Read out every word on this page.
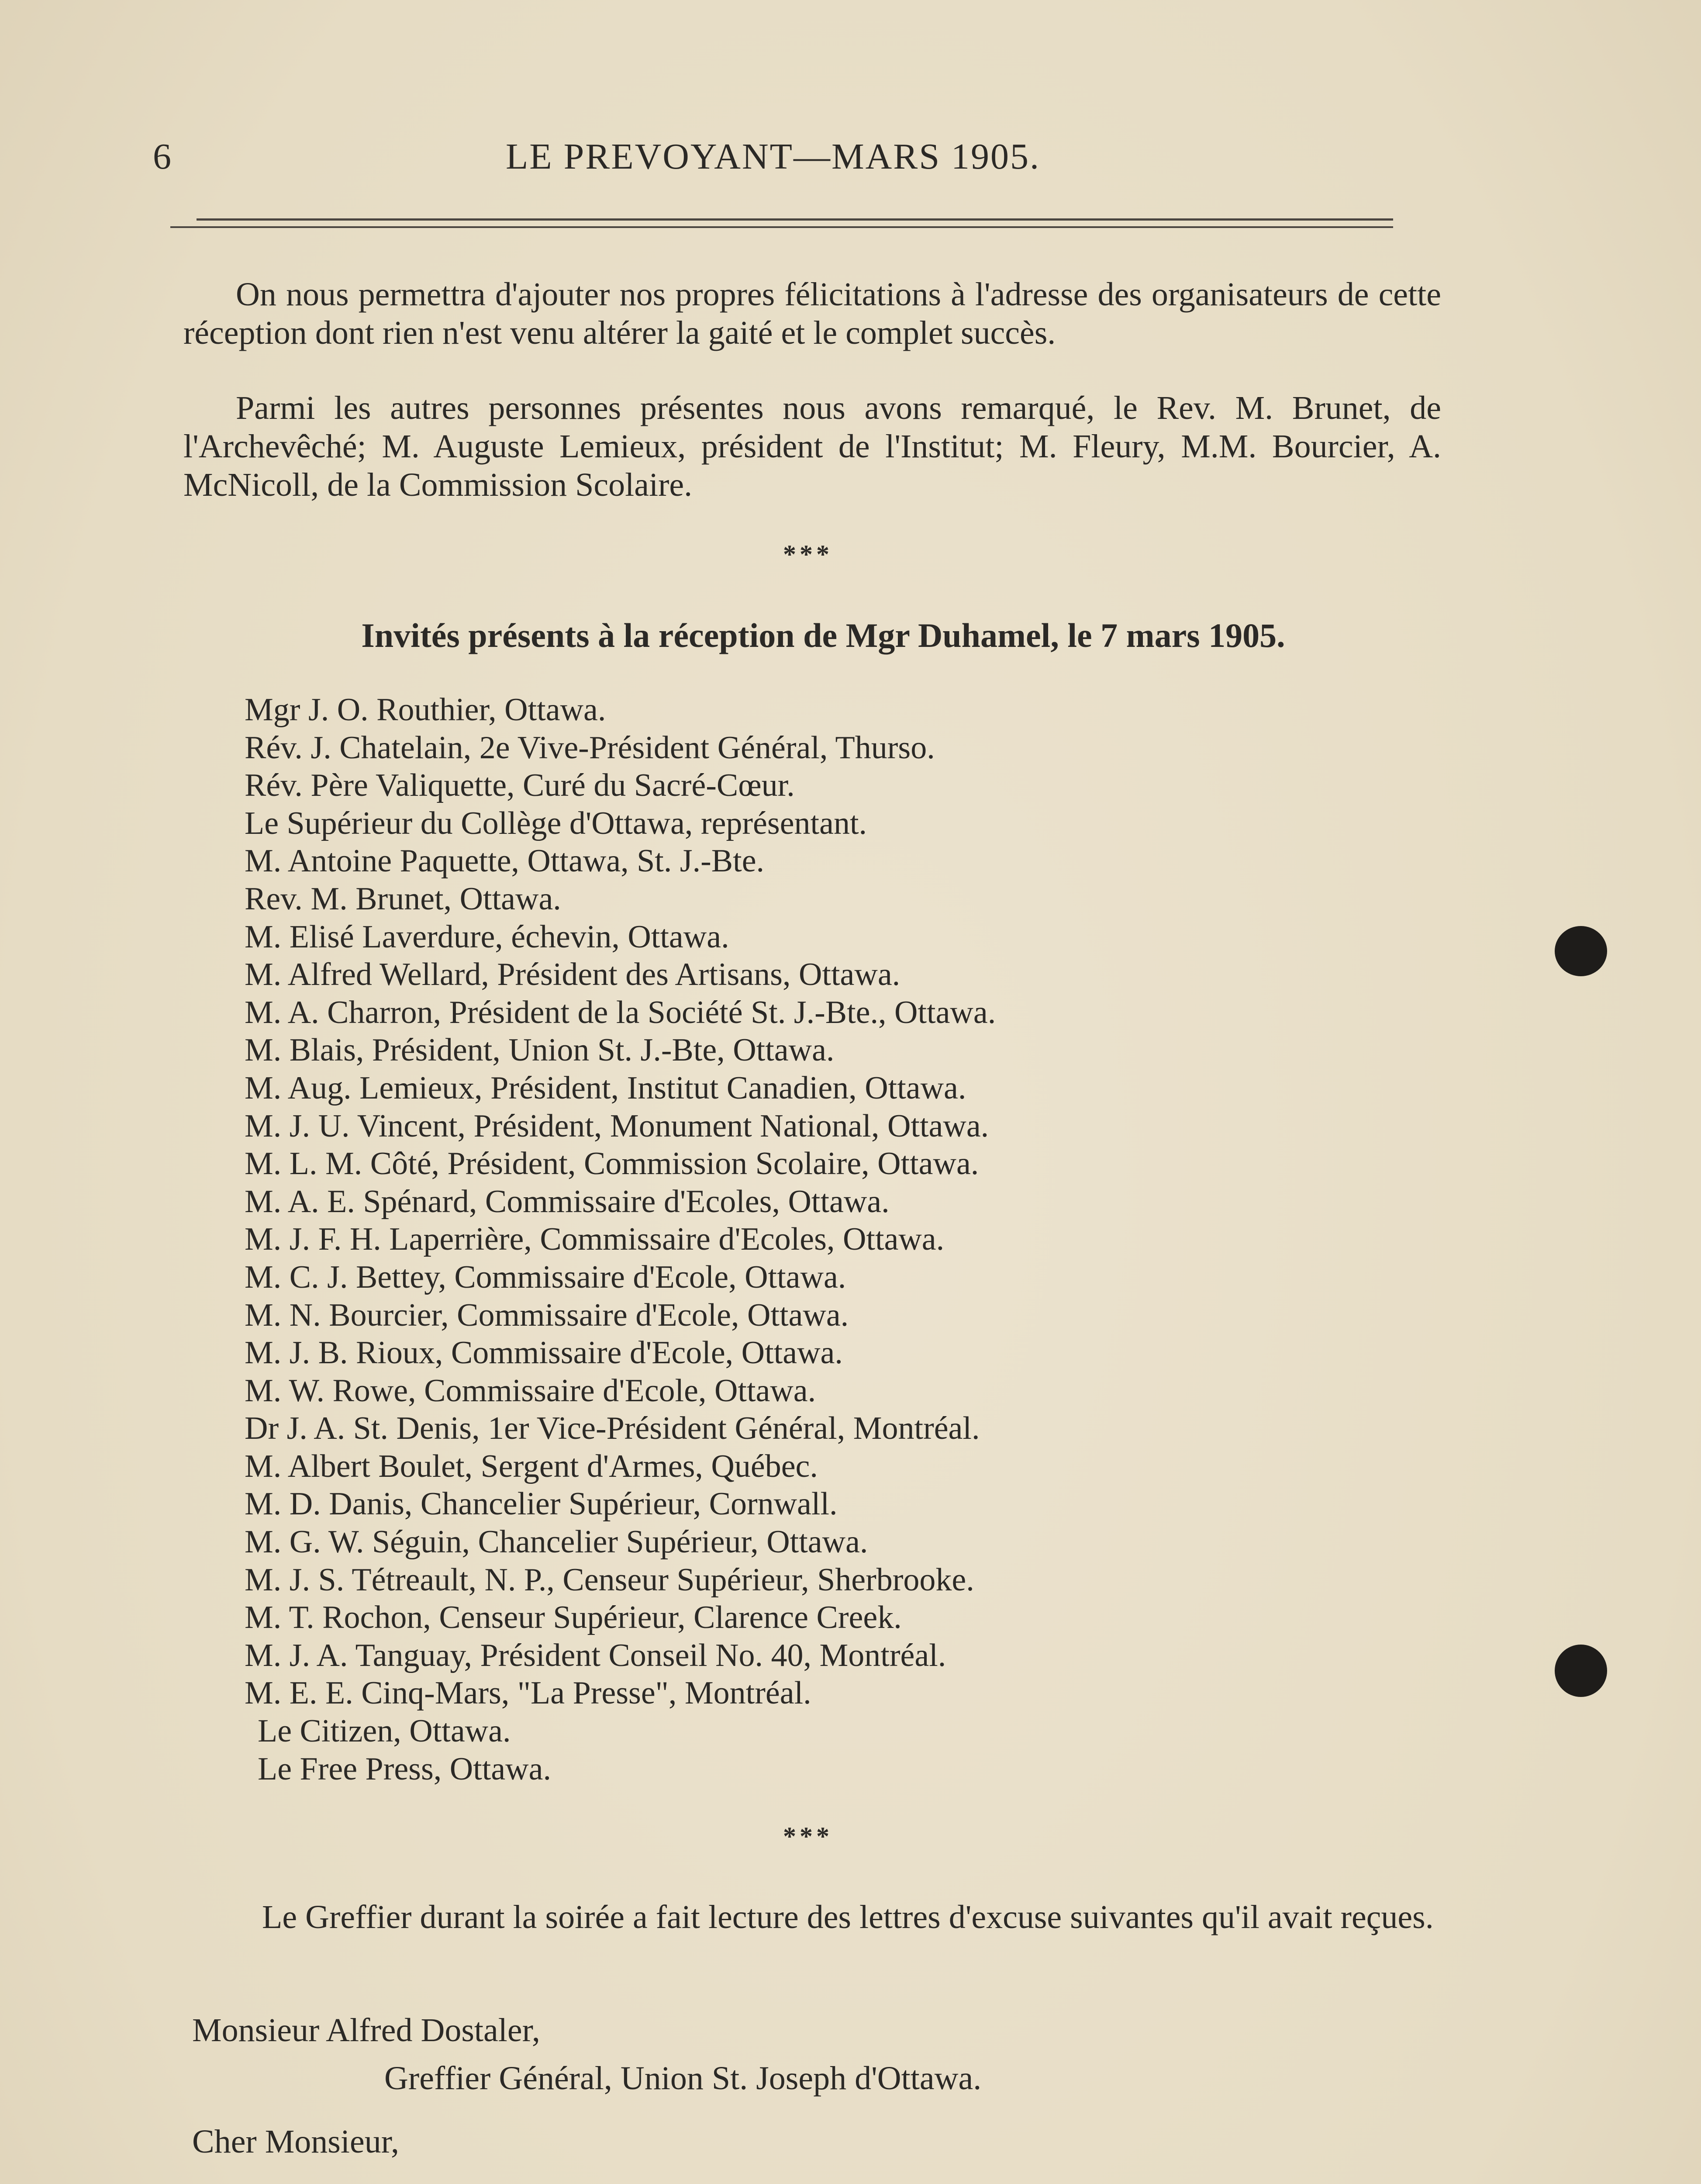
6	LE PREVOYANT—MARS 1905.

On nous permettra d'ajouter nos propres félicitations à l'adresse des organisateurs de cette réception dont rien n'est venu altérer la gaité et le complet succès.

Parmi les autres personnes présentes nous avons remarqué, le Rev. M. Brunet, de l'Archevêché; M. Auguste Lemieux, président de l'Institut; M. Fleury, M.M. Bourcier, A. McNicoll, de la Commission Scolaire.

***
Invités présents à la réception de Mgr Duhamel, le 7 mars 1905.
Mgr J. O. Routhier, Ottawa.
Rév. J. Chatelain, 2e Vive-Président Général, Thurso.
Rév. Père Valiquette, Curé du Sacré-Cœur.
Le Supérieur du Collège d'Ottawa, représentant.
M. Antoine Paquette, Ottawa, St. J.-Bte.
Rev. M. Brunet, Ottawa.
M. Elisé Laverdure, échevin, Ottawa.
M. Alfred Wellard, Président des Artisans, Ottawa.
M. A. Charron, Président de la Société St. J.-Bte., Ottawa.
M. Blais, Président, Union St. J.-Bte, Ottawa.
M. Aug. Lemieux, Président, Institut Canadien, Ottawa.
M. J. U. Vincent, Président, Monument National, Ottawa.
M. L. M. Côté, Président, Commission Scolaire, Ottawa.
M. A. E. Spénard, Commissaire d'Ecoles, Ottawa.
M. J. F. H. Laperrière, Commissaire d'Ecoles, Ottawa.
M. C. J. Bettey, Commissaire d'Ecole, Ottawa.
M. N. Bourcier, Commissaire d'Ecole, Ottawa.
M. J. B. Rioux, Commissaire d'Ecole, Ottawa.
M. W. Rowe, Commissaire d'Ecole, Ottawa.
Dr J. A. St. Denis, 1er Vice-Président Général, Montréal.
M. Albert Boulet, Sergent d'Armes, Québec.
M. D. Danis, Chancelier Supérieur, Cornwall.
M. G. W. Séguin, Chancelier Supérieur, Ottawa.
M. J. S. Tétreault, N. P., Censeur Supérieur, Sherbrooke.
M. T. Rochon, Censeur Supérieur, Clarence Creek.
M. J. A. Tanguay, Président Conseil No. 40, Montréal.
M. E. E. Cinq-Mars, "La Presse", Montréal.
Le Citizen, Ottawa.
Le Free Press, Ottawa.
***

Le Greffier durant la soirée a fait lecture des lettres d'excuse suivantes qu'il avait reçues.

Monsieur Alfred Dostaler,
Greffier Général, Union St. Joseph d'Ottawa.
Cher Monsieur,
